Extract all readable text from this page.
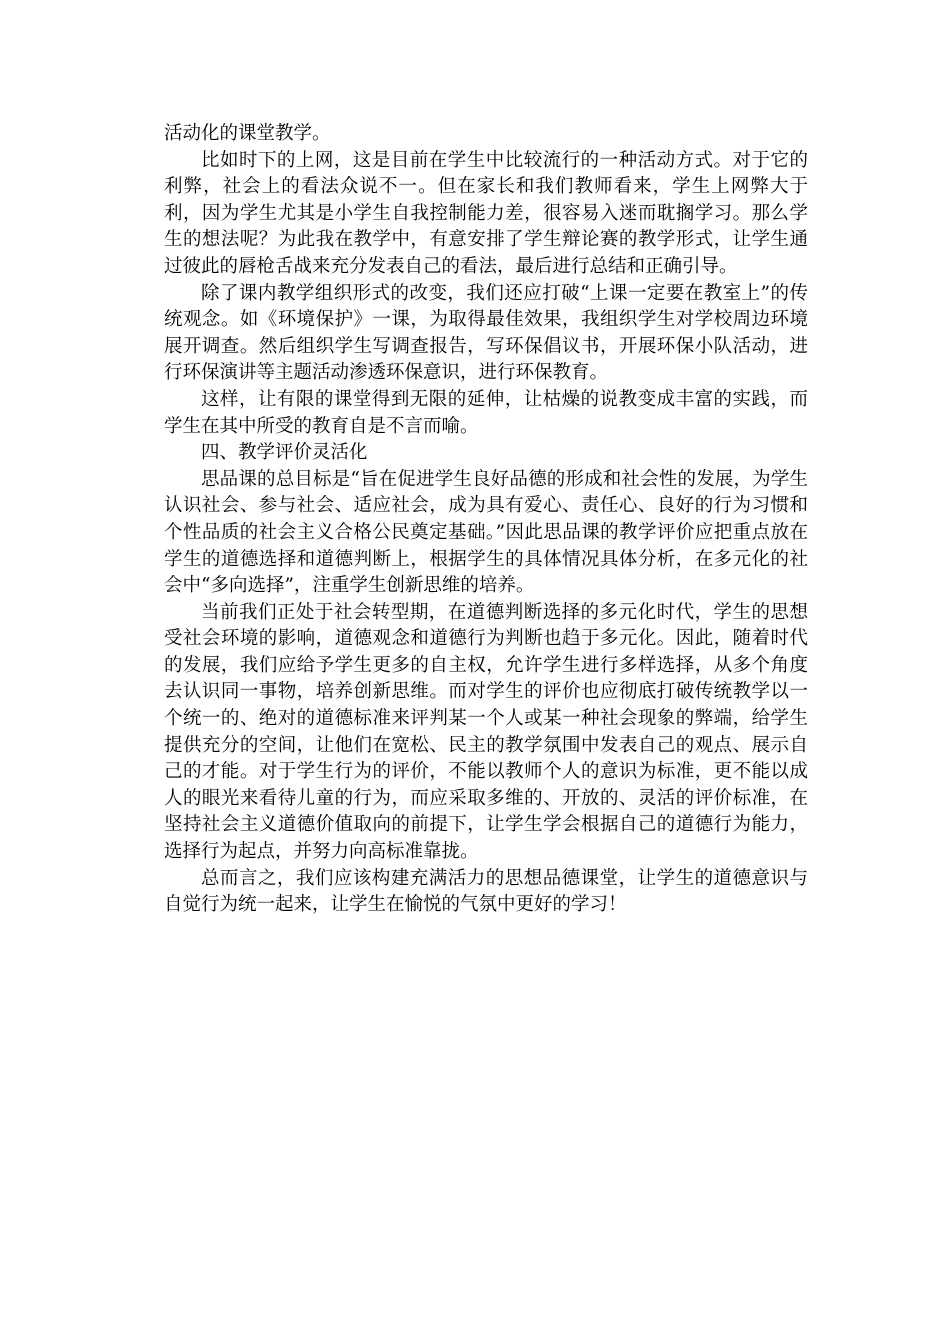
活动化的课堂教学。

比如时下的上网，这是目前在学生中比较流行的一种活动方式。对于它的利弊，社会上的看法众说不一。但在家长和我们教师看来，学生上网弊大于利，因为学生尤其是小学生自我控制能力差，很容易入迷而耽搁学习。那么学生的想法呢？为此我在教学中，有意安排了学生辩论赛的教学形式，让学生通过彼此的唇枪舌战来充分发表自己的看法，最后进行总结和正确引导。

除了课内教学组织形式的改变，我们还应打破“上课一定要在教室上”的传统观念。如《环境保护》一课，为取得最佳效果，我组织学生对学校周边环境展开调查。然后组织学生写调查报告，写环保倡议书，开展环保小队活动，进行环保演讲等主题活动渗透环保意识，进行环保教育。

这样，让有限的课堂得到无限的延伸，让枯燥的说教变成丰富的实践，而学生在其中所受的教育自是不言而喻。

四、教学评价灵活化

思品课的总目标是“旨在促进学生良好品德的形成和社会性的发展，为学生认识社会、参与社会、适应社会，成为具有爱心、责任心、良好的行为习惯和个性品质的社会主义合格公民奠定基础。”因此思品课的教学评价应把重点放在学生的道德选择和道德判断上，根据学生的具体情况具体分析，在多元化的社会中“多向选择”，注重学生创新思维的培养。

当前我们正处于社会转型期，在道德判断选择的多元化时代，学生的思想受社会环境的影响，道德观念和道德行为判断也趋于多元化。因此，随着时代的发展，我们应给予学生更多的自主权，允许学生进行多样选择，从多个角度去认识同一事物，培养创新思维。而对学生的评价也应彻底打破传统教学以一个统一的、绝对的道德标准来评判某一个人或某一种社会现象的弊端，给学生提供充分的空间，让他们在宽松、民主的教学氛围中发表自己的观点、展示自己的才能。对于学生行为的评价，不能以教师个人的意识为标准，更不能以成人的眼光来看待儿童的行为，而应采取多维的、开放的、灵活的评价标准，在坚持社会主义道德价值取向的前提下，让学生学会根据自己的道德行为能力，选择行为起点，并努力向高标准靠拢。

总而言之，我们应该构建充满活力的思想品德课堂，让学生的道德意识与自觉行为统一起来，让学生在愉悦的气氛中更好的学习！
